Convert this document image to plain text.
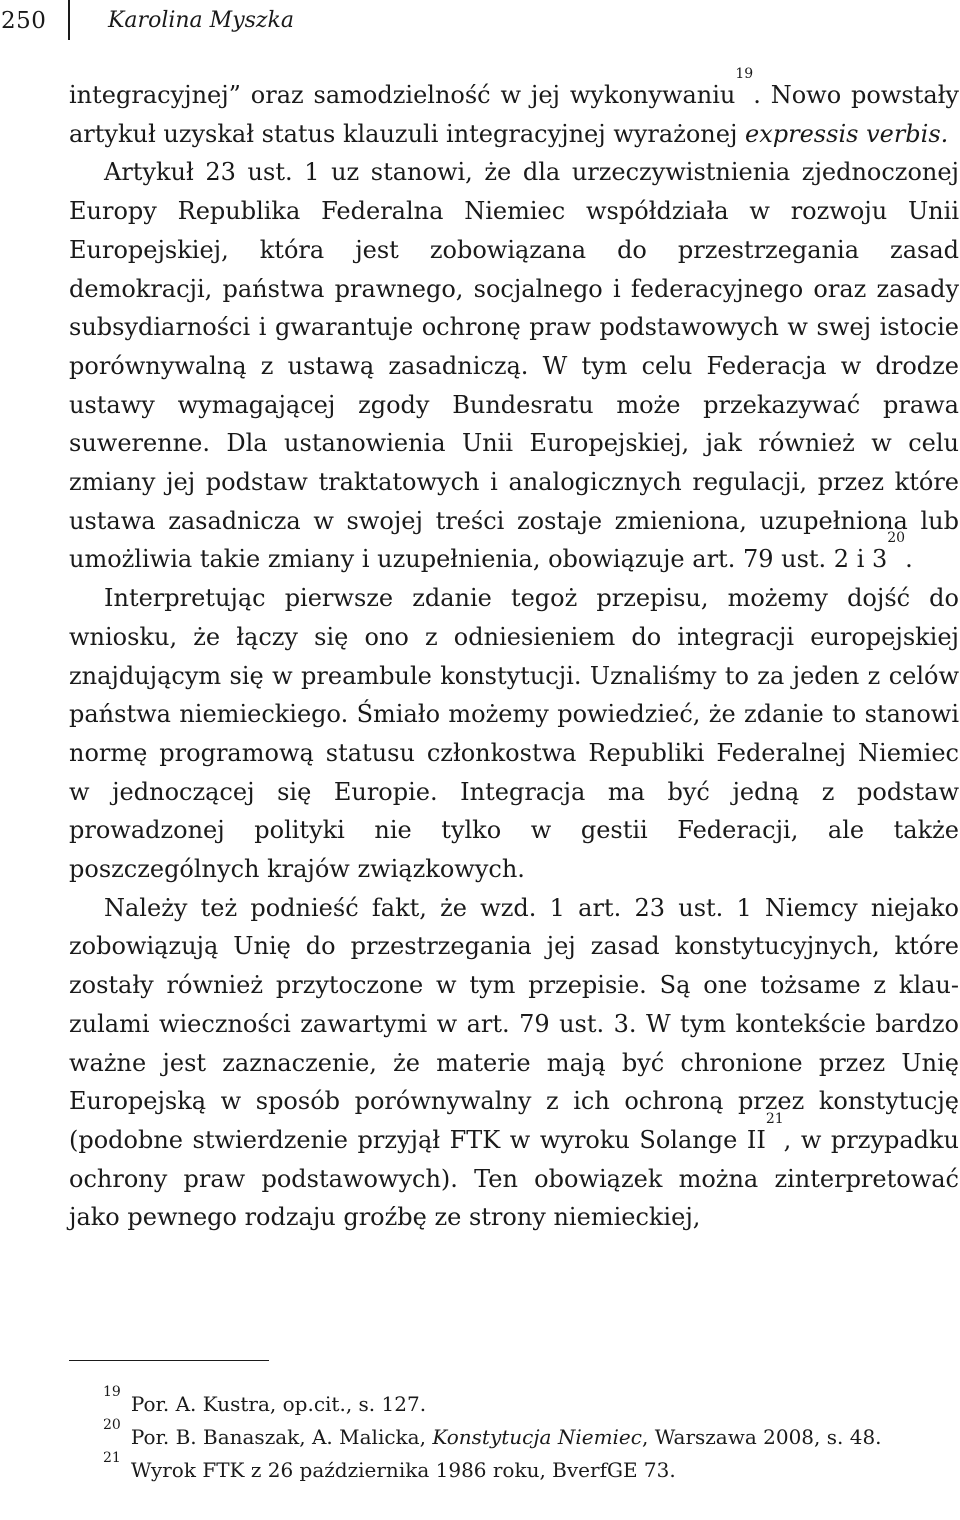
250	Karolina Myszka

integracyjnej” oraz samodzielność w jej wykonywaniu$^{19}$. Nowo powstały artykuł uzyskał status klauzuli integracyjnej wyrażonej expressis verbis.

Artykuł 23 ust. 1 uz stanowi, że dla urzeczywistnienia zjednoczonej Europy Republika Federalna Niemiec współdziała w rozwoju Unii Europejskiej, która jest zobowiązana do przestrzegania zasad demokracji, państwa prawnego, socjalnego i federacyjnego oraz zasady subsydiarności i gwarantuje ochronę praw podstawowych w swej istocie porównywalną z ustawą zasadniczą. W tym celu Federacja w drodze ustawy wymagającej zgody Bundesratu może przekazywać prawa suwerenne. Dla ustanowienia Unii Europejskiej, jak również w celu zmiany jej podstaw traktatowych i analogicznych regulacji, przez które ustawa zasadnicza w swojej treści zostaje zmieniona, uzupełniona lub umożliwia takie zmiany i uzupełnienia, obowiązuje art. 79 ust. 2 i $3^{20}$.

Interpretując pierwsze zdanie tegoż przepisu, możemy dojść do wniosku, że łączy się ono z odniesieniem do integracji europejskiej znajdującym się w preambule konstytucji. Uznaliśmy to za jeden z celów państwa niemieckiego. Śmiało możemy powiedzieć, że zdanie to stanowi normę programową statusu członkostwa Republiki Federalnej Niemiec w jednoczącej się Europie. Integracja ma być jedną z podstaw prowadzonej polityki nie tylko w gestii Federacji, ale także poszczególnych krajów związkowych.

Należy też podnieść fakt, że wzd. 1 art. 23 ust. 1 Niemcy niejako zobowiązują Unię do przestrzegania jej zasad konstytucyjnych, które zostały również przytoczone w tym przepisie. Są one tożsame z klauzulami wieczności zawartymi w art. 79 ust. 3. W tym kontekście bardzo ważne jest zaznaczenie, że materie mają być chronione przez Unię Europejską w sposób porównywalny z ich ochroną przez konstytucję (podobne stwierdzenie przyjął FTK w wyroku Solange II$^{21}$, w przypadku ochrony praw podstawowych). Ten obowiązek można zinterpretować jako pewnego rodzaju groźbę ze strony niemieckiej,

$^{19}$ Por. A. Kustra, op.cit., s. 127.

$^{20}$ Por. B. Banaszak, A. Malicka, Konstytucja Niemiec, Warszawa 2008, s. 48.

$^{21}$ Wyrok FTK z 26 października 1986 roku, BverfGE 73.
